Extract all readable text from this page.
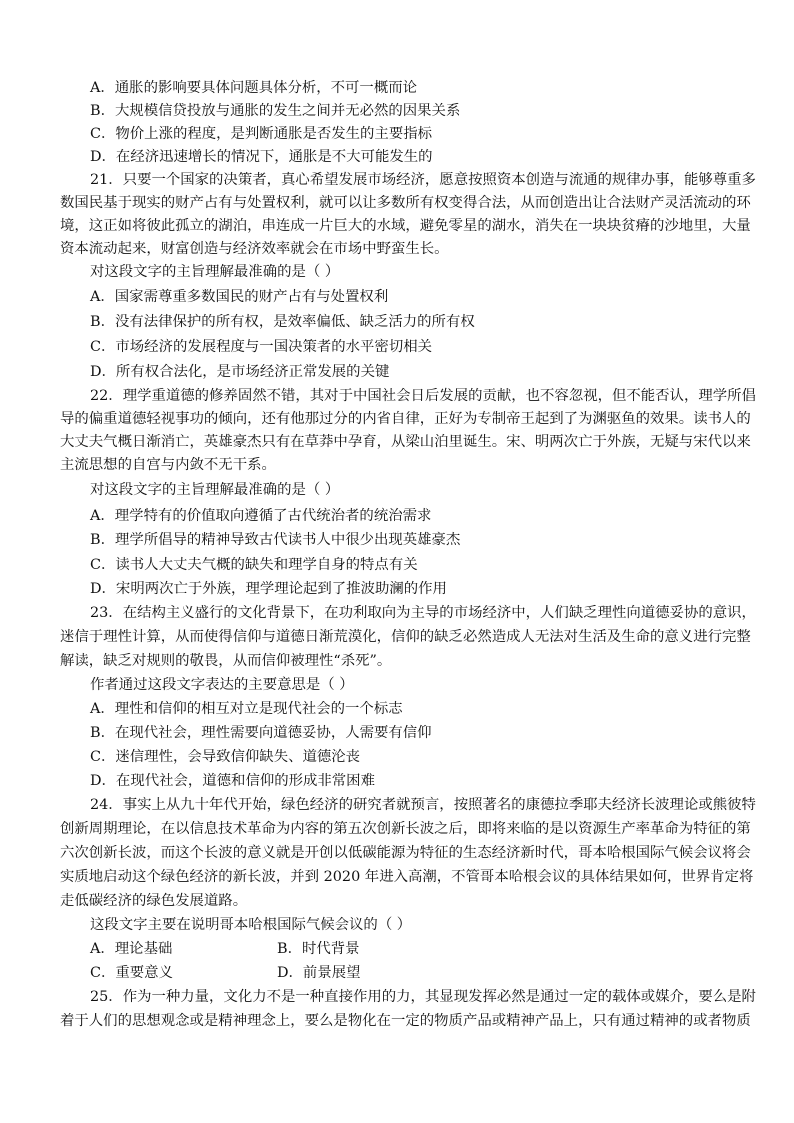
A．通胀的影响要具体问题具体分析，不可一概而论
B．大规模信贷投放与通胀的发生之间并无必然的因果关系
C．物价上涨的程度，是判断通胀是否发生的主要指标
D．在经济迅速增长的情况下，通胀是不大可能发生的
21．只要一个国家的决策者，真心希望发展市场经济，愿意按照资本创造与流通的规律办事，能够尊重多
数国民基于现实的财产占有与处置权利，就可以让多数所有权变得合法，从而创造出让合法财产灵活流动的环
境，这正如将彼此孤立的湖泊，串连成一片巨大的水域，避免零星的湖水，消失在一块块贫瘠的沙地里，大量
资本流动起来，财富创造与经济效率就会在市场中野蛮生长。
对这段文字的主旨理解最准确的是（ ）
A．国家需尊重多数国民的财产占有与处置权利
B．没有法律保护的所有权，是效率偏低、缺乏活力的所有权
C．市场经济的发展程度与一国决策者的水平密切相关
D．所有权合法化，是市场经济正常发展的关键
22．理学重道德的修养固然不错，其对于中国社会日后发展的贡献，也不容忽视，但不能否认，理学所倡
导的偏重道德轻视事功的倾向，还有他那过分的内省自律，正好为专制帝王起到了为渊驱鱼的效果。读书人的
大丈夫气概日渐消亡，英雄豪杰只有在草莽中孕育，从梁山泊里诞生。宋、明两次亡于外族，无疑与宋代以来
主流思想的自宫与内敛不无干系。
对这段文字的主旨理解最准确的是（ ）
A．理学特有的价值取向遵循了古代统治者的统治需求
B．理学所倡导的精神导致古代读书人中很少出现英雄豪杰
C．读书人大丈夫气概的缺失和理学自身的特点有关
D．宋明两次亡于外族，理学理论起到了推波助澜的作用
23．在结构主义盛行的文化背景下，在功利取向为主导的市场经济中，人们缺乏理性向道德妥协的意识，
迷信于理性计算，从而使得信仰与道德日渐荒漠化，信仰的缺乏必然造成人无法对生活及生命的意义进行完整
解读，缺乏对规则的敬畏，从而信仰被理性“杀死”。
作者通过这段文字表达的主要意思是（ ）
A．理性和信仰的相互对立是现代社会的一个标志
B．在现代社会，理性需要向道德妥协，人需要有信仰
C．迷信理性，会导致信仰缺失、道德沦丧
D．在现代社会，道德和信仰的形成非常困难
24．事实上从九十年代开始，绿色经济的研究者就预言，按照著名的康德拉季耶夫经济长波理论或熊彼特
创新周期理论，在以信息技术革命为内容的第五次创新长波之后，即将来临的是以资源生产率革命为特征的第
六次创新长波，而这个长波的意义就是开创以低碳能源为特征的生态经济新时代，哥本哈根国际气候会议将会
实质地启动这个绿色经济的新长波，并到 2020 年进入高潮，不管哥本哈根会议的具体结果如何，世界肯定将
走低碳经济的绿色发展道路。
这段文字主要在说明哥本哈根国际气候会议的（ ）
A．理论基础	B．时代背景
C．重要意义	D．前景展望
25．作为一种力量，文化力不是一种直接作用的力，其显现发挥必然是通过一定的载体或媒介，要么是附
着于人们的思想观念或是精神理念上，要么是物化在一定的物质产品或精神产品上，只有通过精神的或者物质
